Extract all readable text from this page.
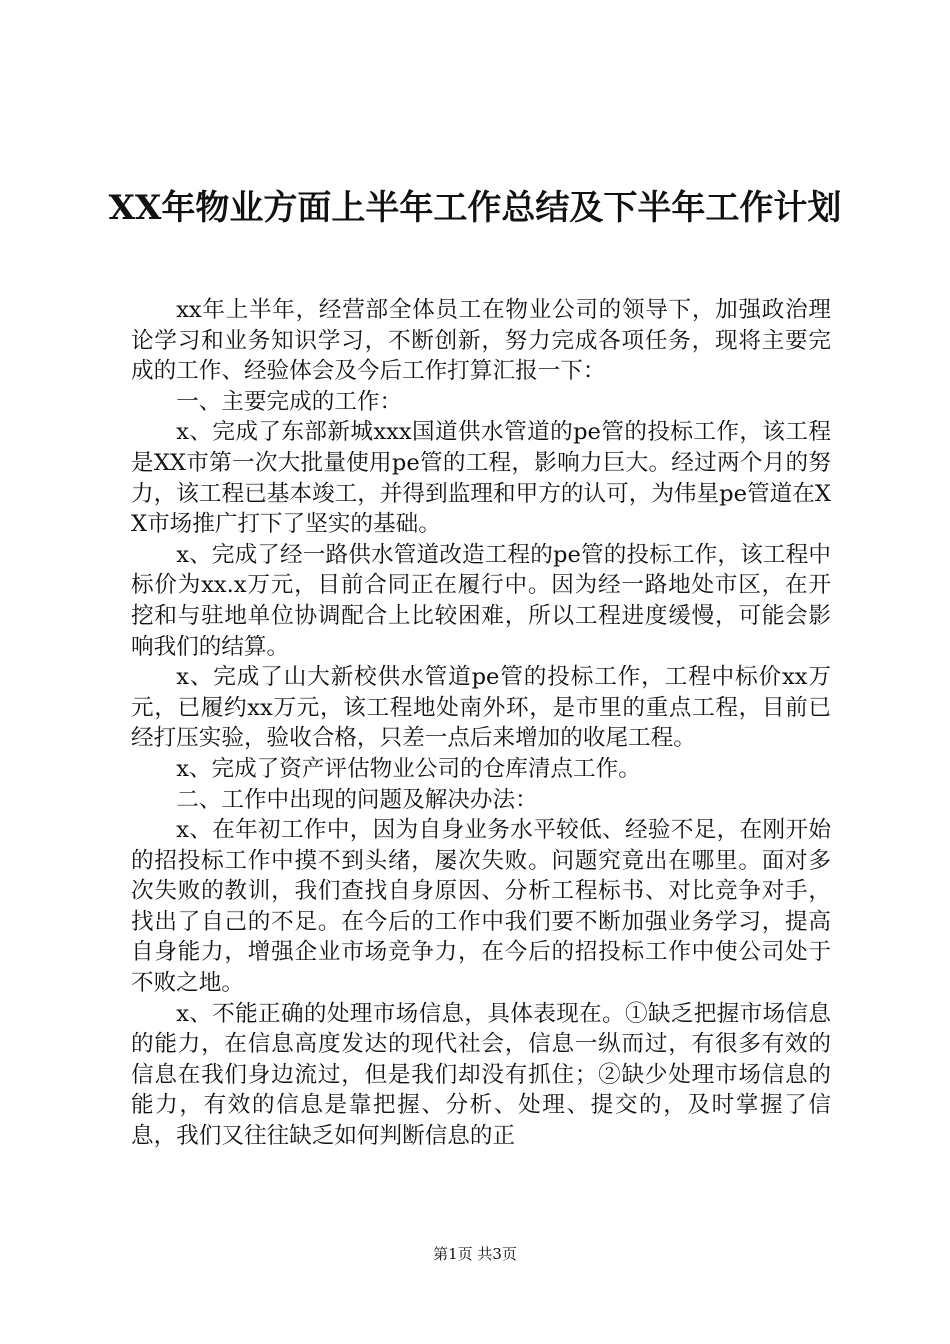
XX年物业方面上半年工作总结及下半年工作计划

xx年上半年，经营部全体员工在物业公司的领导下，加强政治理论学习和业务知识学习，不断创新，努力完成各项任务，现将主要完成的工作、经验体会及今后工作打算汇报一下：

一、主要完成的工作：

x、完成了东部新城xxx国道供水管道的pe管的投标工作，该工程是XX市第一次大批量使用pe管的工程，影响力巨大。经过两个月的努力，该工程已基本竣工，并得到监理和甲方的认可，为伟星pe管道在XX市场推广打下了坚实的基础。

x、完成了经一路供水管道改造工程的pe管的投标工作，该工程中标价为xx.x万元，目前合同正在履行中。因为经一路地处市区，在开挖和与驻地单位协调配合上比较困难，所以工程进度缓慢，可能会影响我们的结算。

x、完成了山大新校供水管道pe管的投标工作，工程中标价xx万元，已履约xx万元，该工程地处南外环，是市里的重点工程，目前已经打压实验，验收合格，只差一点后来增加的收尾工程。

x、完成了资产评估物业公司的仓库清点工作。

二、工作中出现的问题及解决办法：

x、在年初工作中，因为自身业务水平较低、经验不足，在刚开始的招投标工作中摸不到头绪，屡次失败。问题究竟出在哪里。面对多次失败的教训，我们查找自身原因、分析工程标书、对比竞争对手，找出了自己的不足。在今后的工作中我们要不断加强业务学习，提高自身能力，增强企业市场竞争力，在今后的招投标工作中使公司处于不败之地。

x、不能正确的处理市场信息，具体表现在。①缺乏把握市场信息的能力，在信息高度发达的现代社会，信息一纵而过，有很多有效的信息在我们身边流过，但是我们却没有抓住；②缺少处理市场信息的能力，有效的信息是靠把握、分析、处理、提交的，及时掌握了信息，我们又往往缺乏如何判断信息的正

第1页 共3页
